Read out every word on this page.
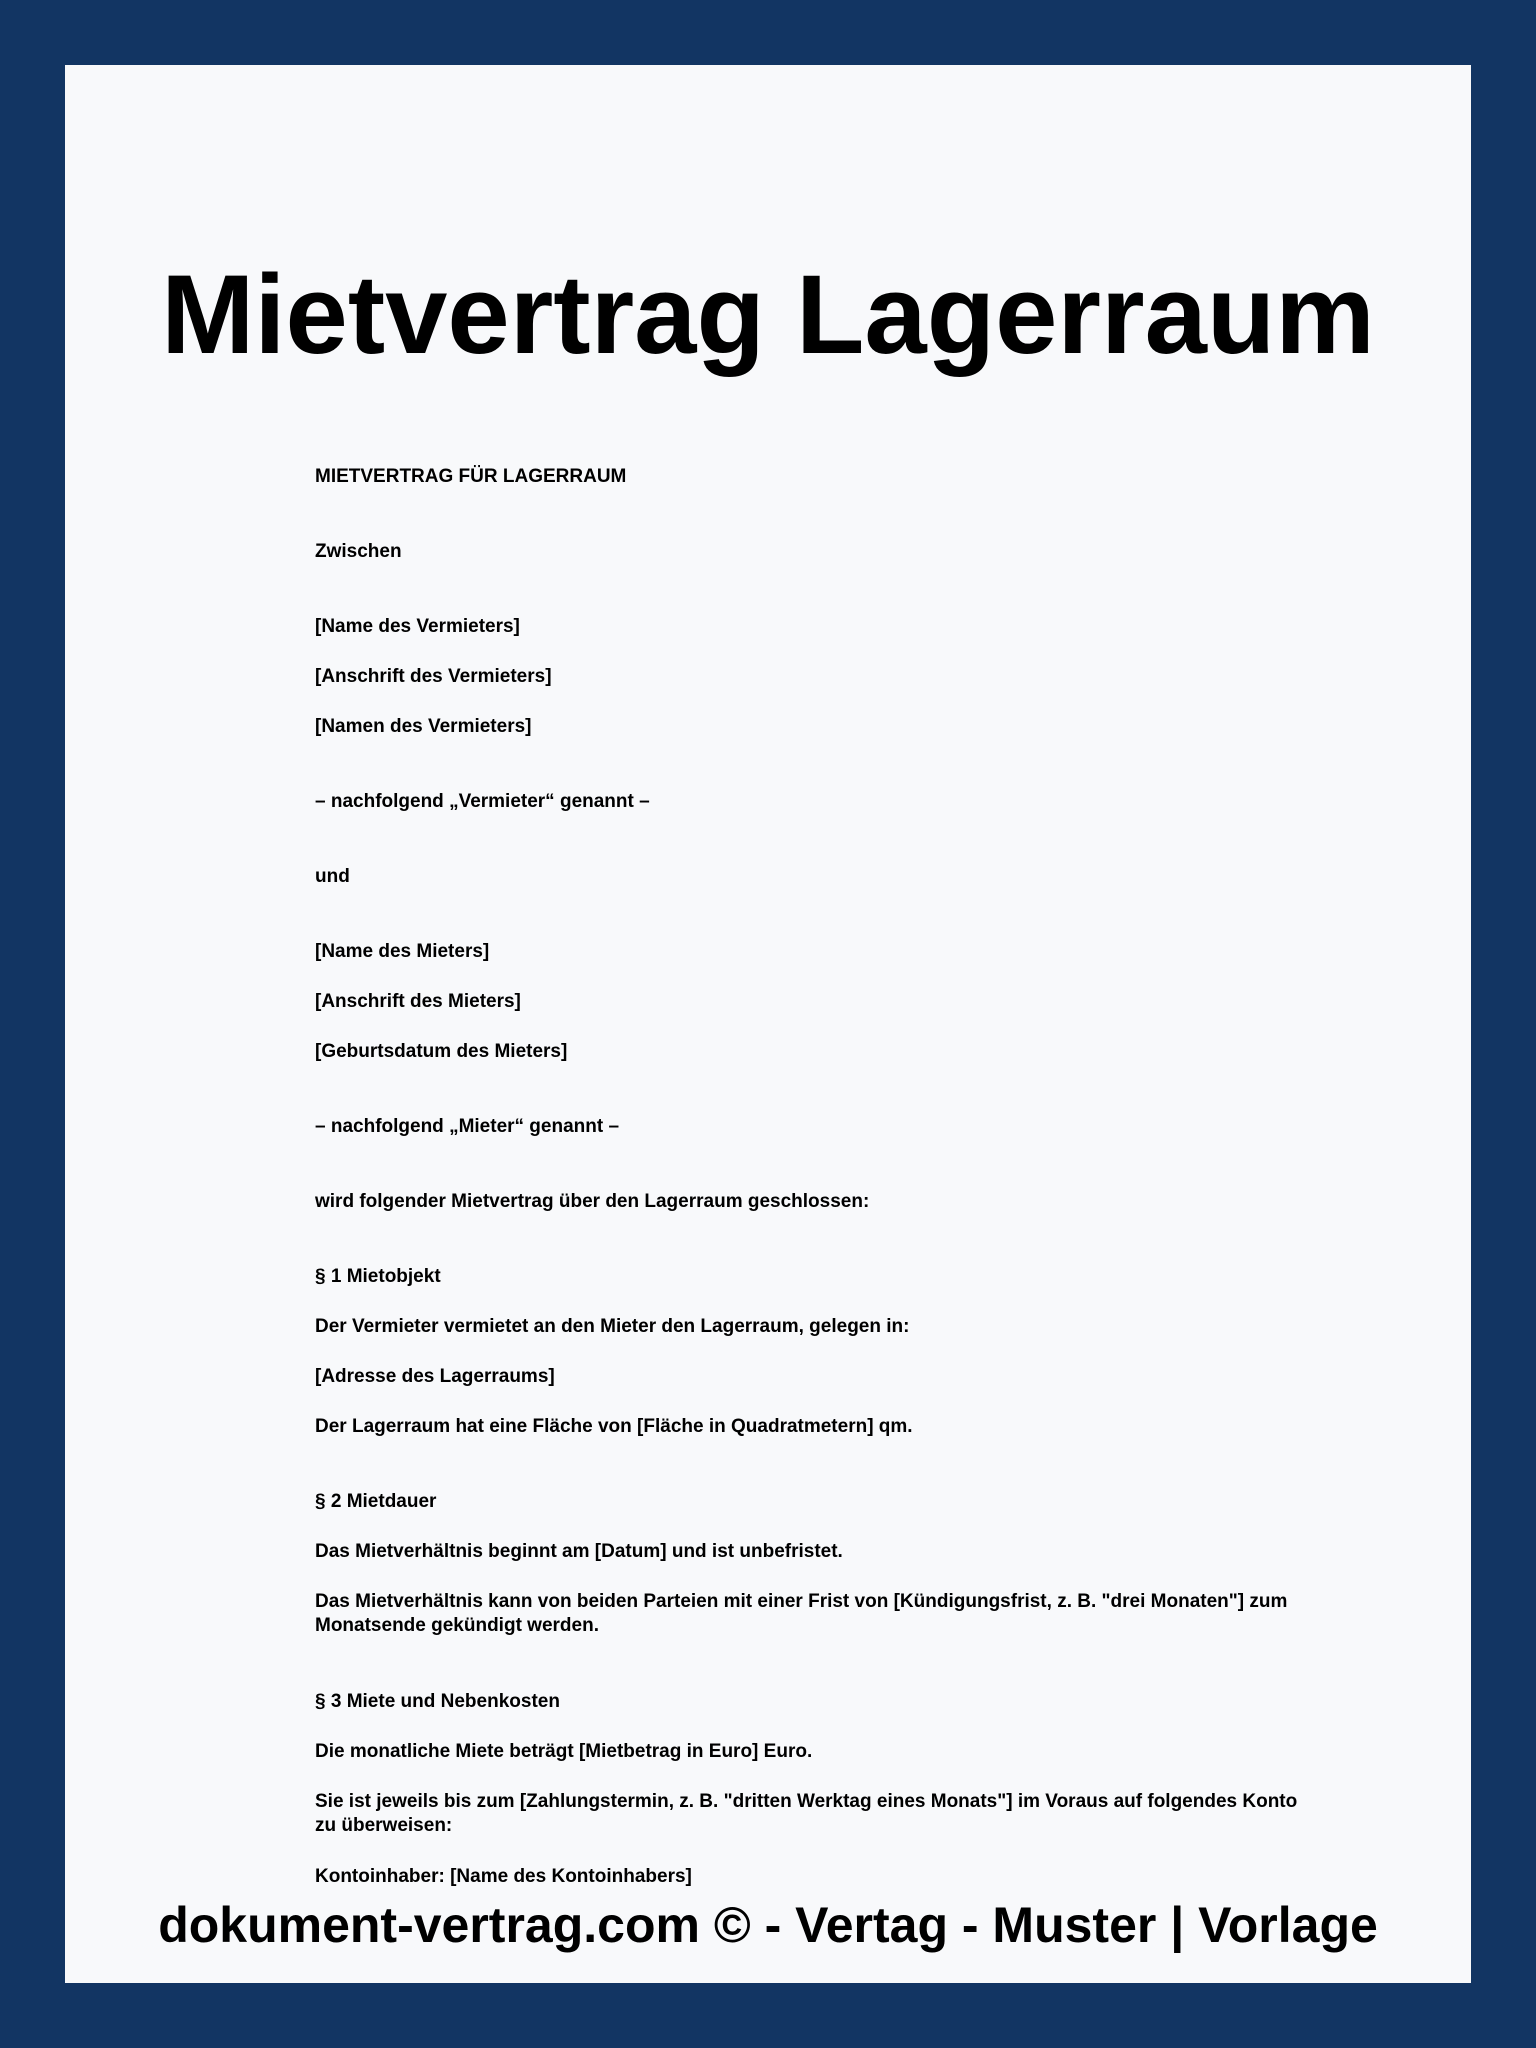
Mietvertrag Lagerraum

MIETVERTRAG FÜR LAGERRAUM

Zwischen

[Name des Vermieters]

[Anschrift des Vermieters]

[Namen des Vermieters]

– nachfolgend „Vermieter“ genannt –

und

[Name des Mieters]

[Anschrift des Mieters]

[Geburtsdatum des Mieters]

– nachfolgend „Mieter“ genannt –

wird folgender Mietvertrag über den Lagerraum geschlossen:

§ 1 Mietobjekt

Der Vermieter vermietet an den Mieter den Lagerraum, gelegen in:

[Adresse des Lagerraums]

Der Lagerraum hat eine Fläche von [Fläche in Quadratmetern] qm.

§ 2 Mietdauer

Das Mietverhältnis beginnt am [Datum] und ist unbefristet.

Das Mietverhältnis kann von beiden Parteien mit einer Frist von [Kündigungsfrist, z. B. "drei Monaten"] zum Monatsende gekündigt werden.

§ 3 Miete und Nebenkosten

Die monatliche Miete beträgt [Mietbetrag in Euro] Euro.

Sie ist jeweils bis zum [Zahlungstermin, z. B. "dritten Werktag eines Monats"] im Voraus auf folgendes Konto zu überweisen:

Kontoinhaber: [Name des Kontoinhabers]

dokument-vertrag.com © - Vertag - Muster | Vorlage
